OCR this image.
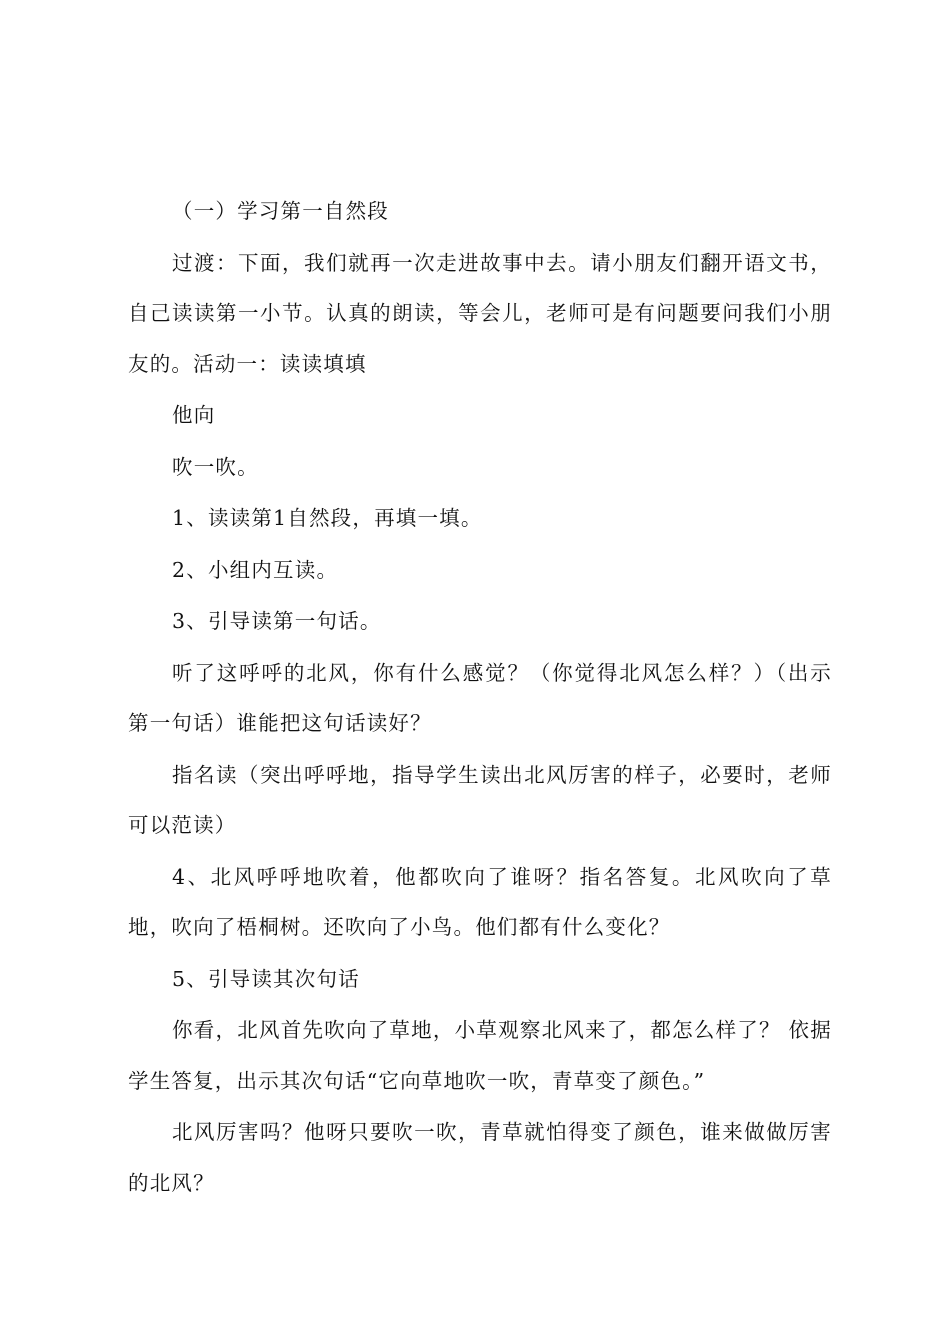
（一）学习第一自然段

过渡：下面，我们就再一次走进故事中去。请小朋友们翻开语文书，自己读读第一小节。认真的朗读，等会儿，老师可是有问题要问我们小朋友的。活动一：读读填填

他向

吹一吹。

1、读读第1自然段，再填一填。

2、小组内互读。

3、引导读第一句话。

听了这呼呼的北风，你有什么感觉？（你觉得北风怎么样？）（出示第一句话）谁能把这句话读好？

指名读（突出呼呼地，指导学生读出北风厉害的样子，必要时，老师可以范读）

4、北风呼呼地吹着，他都吹向了谁呀？指名答复。北风吹向了草地，吹向了梧桐树。还吹向了小鸟。他们都有什么变化？

5、引导读其次句话

你看，北风首先吹向了草地，小草观察北风来了，都怎么样了？ 依据学生答复，出示其次句话“它向草地吹一吹，青草变了颜色。”

北风厉害吗？他呀只要吹一吹，青草就怕得变了颜色，谁来做做厉害的北风？
